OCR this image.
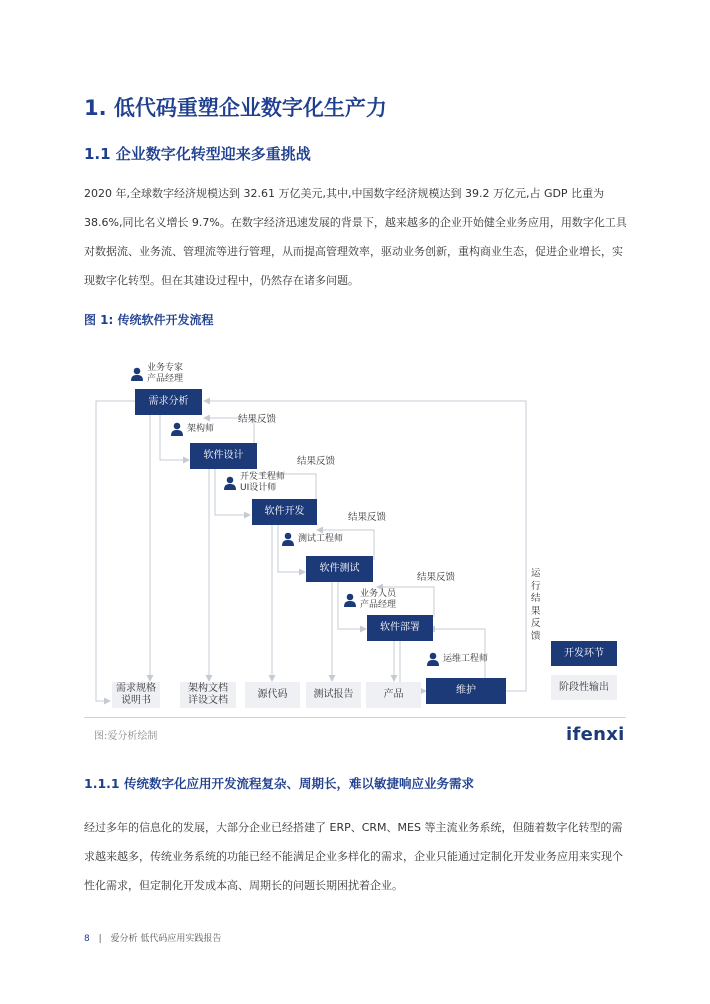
1. 低代码重塑企业数字化生产力
1.1 企业数字化转型迎来多重挑战
2020 年,全球数字经济规模达到 32.61 万亿美元,其中,中国数字经济规模达到 39.2 万亿元,占 GDP 比重为 38.6%,同比名义增长 9.7%。在数字经济迅速发展的背景下，越来越多的企业开始健全业务应用，用数字化工具对数据流、业务流、管理流等进行管理，从而提高管理效率，驱动业务创新，重构商业生态，促进企业增长，实现数字化转型。但在其建设过程中，仍然存在诸多问题。
图 1: 传统软件开发流程
需求分析
软件设计
软件开发
软件测试
软件部署
维护
业务专家
产品经理
架构师
开发工程师
UI设计师
测试工程师
业务人员
产品经理
运维工程师
结果反馈
结果反馈
结果反馈
结果反馈	运行结果反馈
需求规格
说明书
架构文档
详设文档
源代码	测试报告	产品
开发环节
阶段性输出
图:爱分析绘制	ifenxi
1.1.1 传统数字化应用开发流程复杂、周期长，难以敏捷响应业务需求
经过多年的信息化的发展，大部分企业已经搭建了 ERP、CRM、MES 等主流业务系统，但随着数字化转型的需求越来越多，传统业务系统的功能已经不能满足企业多样化的需求，企业只能通过定制化开发业务应用来实现个性化需求，但定制化开发成本高、周期长的问题长期困扰着企业。
8 | 爱分析 低代码应用实践报告
